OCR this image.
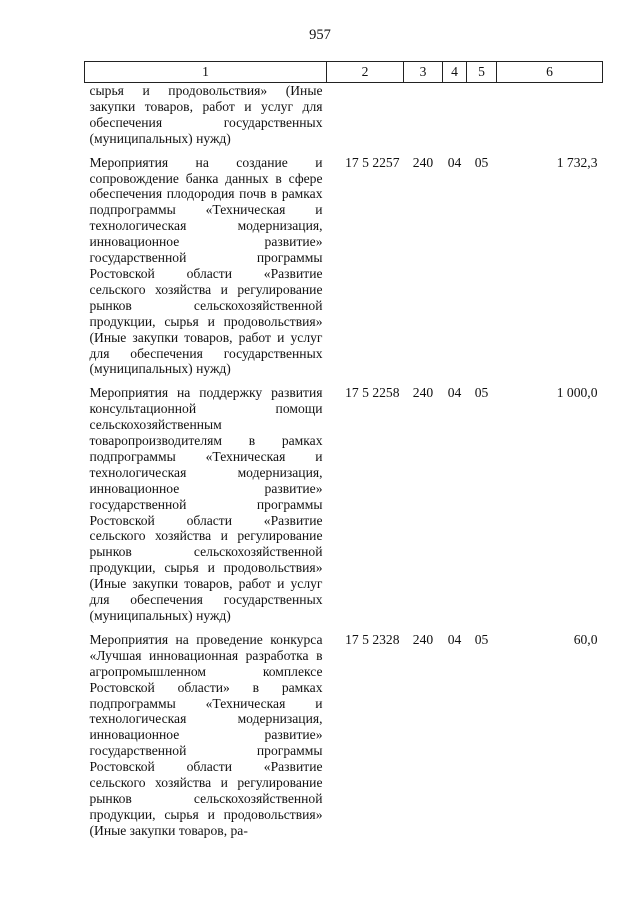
957
1	2	3	4	5	6
сырья и продовольствия» (Иные закупки товаров, работ и услуг для обеспечения государственных (муниципальных) нужд)					
Мероприятия на создание и сопровождение банка данных в сфере обеспечения плодородия почв в рамках подпрограммы «Техническая и технологическая модернизация, инновационное развитие» государственной программы Ростовской области «Развитие сельского хозяйства и регулирование рынков сельскохозяйственной продукции, сырья и продовольствия» (Иные закупки товаров, работ и услуг для обеспечения государственных (муниципальных) нужд)	17 5 2257	240	04	05	1 732,3
Мероприятия на поддержку развития консультационной помощи сельскохозяйственным товаропроизводителям в рамках подпрограммы «Техническая и технологическая модернизация, инновационное развитие» государственной программы Ростовской области «Развитие сельского хозяйства и регулирование рынков сельскохозяйственной продукции, сырья и продовольствия» (Иные закупки товаров, работ и услуг для обеспечения государственных (муниципальных) нужд)	17 5 2258	240	04	05	1 000,0
Мероприятия на проведение конкурса «Лучшая инновационная разработка в агропромышленном комплексе Ростовской области» в рамках подпрограммы «Техническая и технологическая модернизация, инновационное развитие» государственной программы Ростовской области «Развитие сельского хозяйства и регулирование рынков сельскохозяйственной продукции, сырья и продовольствия» (Иные закупки товаров, ра-	17 5 2328	240	04	05	60,0
